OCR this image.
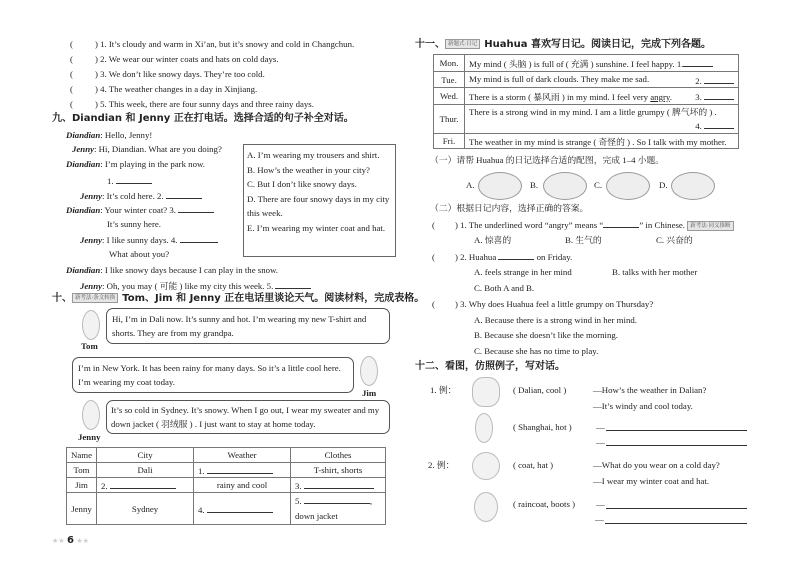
(	) 1. It’s cloudy and warm in Xi’an, but it’s snowy and cold in Changchun.
(	) 2. We wear our winter coats and hats on cold days.
(	) 3. We don’t like snowy days. They’re too cold.
(	) 4. The weather changes in a day in Xinjiang.
(	) 5. This week, there are four sunny days and three rainy days.
九、Diandian 和 Jenny 正在打电话。选择合适的句子补全对话。
Diandian: Hello, Jenny!
Jenny: Hi, Diandian. What are you doing?
Diandian: I’m playing in the park now.
1.
Jenny: It’s cold here. 2.
Diandian: Your winter coat? 3.
It’s sunny here.
Jenny: I like sunny days. 4.
What about you?
Diandian: I like snowy days because I can play in the snow.
Jenny: Oh, you may ( 可能 ) like my city this week. 5.
A. I’m wearing my trousers and shirt.
B. How’s the weather in your city?
C. But I don’t like snowy days.
D. There are four snowy days in my city this week.
E. I’m wearing my winter coat and hat.
十、 新考法·条文转换 Tom、Jim 和 Jenny 正在电话里谈论天气。阅读材料，完成表格。
Tom
Hi, I’m in Dali now. It’s sunny and hot. I’m wearing my new T-shirt and shorts. They are from my grandpa.
I’m in New York. It has been rainy for many days. So it’s a little cool here. I’m wearing my coat today.
Jim
Jenny
It’s so cold in Sydney. It’s snowy. When I go out, I wear my sweater and my down jacket ( 羽绒服 ) . I just want to stay at home today.
Name	City	Weather	Clothes
Tom	Dali	1.	T-shirt, shorts
Jim	2.	rainy and cool	3.
Jenny	Sydney	4.	5. ,
down jacket
★★ 6 ★★
十一、 新题式·日记 Huahua 喜欢写日记。阅读日记，完成下列各题。
Mon.	My mind ( 头脑 ) is full of ( 充满 ) sunshine. I feel happy. 1.
Tue.	My mind is full of dark clouds. They make me sad. 2.

Wed.	There is a storm ( 暴风雨 ) in my mind. I feel very angry. 3.

Thur.	There is a strong wind in my mind. I am a little grumpy ( 脾气坏的 ) .

4.

Fri.	The weather in my mind is strange ( 奇怪的 ) . So I talk with my mother.
（一）请帮 Huahua 的日记选择合适的配图，完成 1–4 小题。
A.	B.	C.	D.
（二）根据日记内容，选择正确的答案。
( ) 1. The underlined word “angry” means “	” in Chinese. 新考法·同义推断
A. 惊喜的	B. 生气的	C. 兴奋的
( ) 2. Huahua	on Friday.
A. feels strange in her mind	B. talks with her mother
C. Both A and B.
( ) 3. Why does Huahua feel a little grumpy on Thursday?
A. Because there is a strong wind in her mind.
B. Because she doesn’t like the morning.
C. Because she has no time to play.
十二、看图，仿照例子，写对话。
1. 例：	( Dalian, cool )	—How’s the weather in Dalian?
—It’s windy and cool today.
( Shanghai, hot )	—
—
2. 例：	( coat, hat )	—What do you wear on a cold day?
—I wear my winter coat and hat.
( raincoat, boots ) —
—
